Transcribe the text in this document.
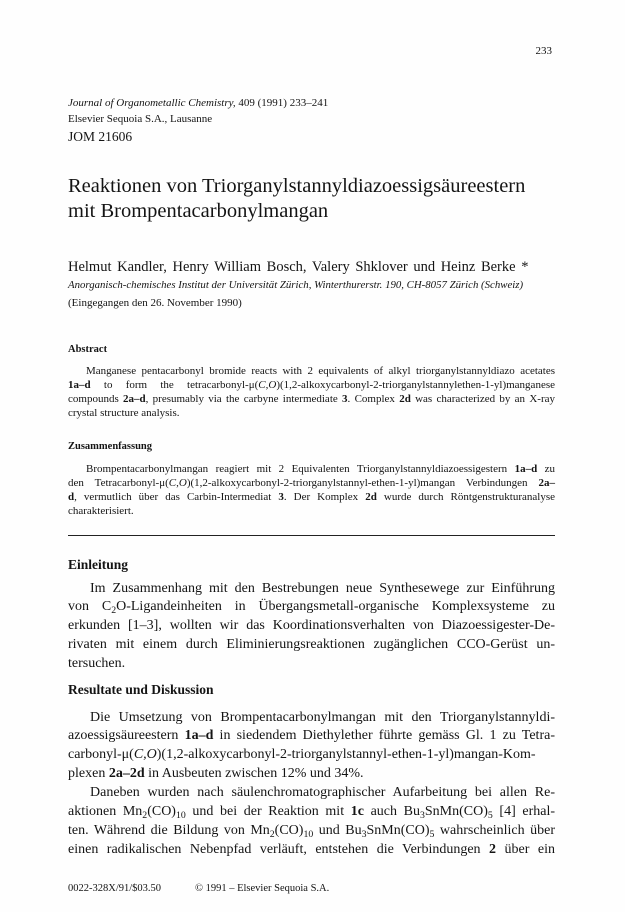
233
Journal of Organometallic Chemistry, 409 (1991) 233–241
Elsevier Sequoia S.A., Lausanne
JOM 21606
Reaktionen von Triorganylstannyldiazoessigsäureestern
mit Brompentacarbonylmangan
Helmut Kandler, Henry William Bosch, Valery Shklover und Heinz Berke *
Anorganisch-chemisches Institut der Universität Zürich, Winterthurerstr. 190, CH-8057 Zürich (Schweiz)
(Eingegangen den 26. November 1990)
Abstract
Manganese pentacarbonyl bromide reacts with 2 equivalents of alkyl triorganylstannyldiazo acetates
1a–d to form the tetracarbonyl-μ(C,O)(1,2-alkoxycarbonyl-2-triorganylstannylethen-1-yl)manganese
compounds 2a–d, presumably via the carbyne intermediate 3. Complex 2d was characterized by an X-ray
crystal structure analysis.
Zusammenfassung
Brompentacarbonylmangan reagiert mit 2 Equivalenten Triorganylstannyldiazoessigestern 1a–d zu
den Tetracarbonyl-μ(C,O)(1,2-alkoxycarbonyl-2-triorganylstannyl-ethen-1-yl)mangan Verbindungen 2a–
d, vermutlich über das Carbin-Intermediat 3. Der Komplex 2d wurde durch Röntgenstrukturanalyse
charakterisiert.
Einleitung
Im Zusammenhang mit den Bestrebungen neue Synthesewege zur Einführung
von $C_2O$-Ligandeinheiten in Übergangsmetall-organische Komplexsysteme zu
erkunden [1–3], wollten wir das Koordinationsverhalten von Diazoessigester-De-
rivaten mit einem durch Eliminierungsreaktionen zugänglichen CCO-Gerüst un-
tersuchen.
Resultate und Diskussion
Die Umsetzung von Brompentacarbonylmangan mit den Triorganylstannyldi-
azoessigsäureestern 1a–d in siedendem Diethylether führte gemäss Gl. 1 zu Tetra-
carbonyl-μ(C,O)(1,2-alkoxycarbonyl-2-triorganylstannyl-ethen-1-yl)mangan-Kom-
plexen 2a–2d in Ausbeuten zwischen 12% und 34%.
Daneben wurden nach säulenchromatographischer Aufarbeitung bei allen Re-
aktionen $Mn_2(CO)_{10}$ und bei der Reaktion mit 1c auch $Bu_3SnMn(CO)_5$ [4] erhal-
ten. Während die Bildung von $Mn_2(CO)_{10}$ und $Bu_3SnMn(CO)_5$ wahrscheinlich über
einen radikalischen Nebenpfad verläuft, entstehen die Verbindungen 2 über ein
0022-328X/91/$03.50	© 1991 – Elsevier Sequoia S.A.
